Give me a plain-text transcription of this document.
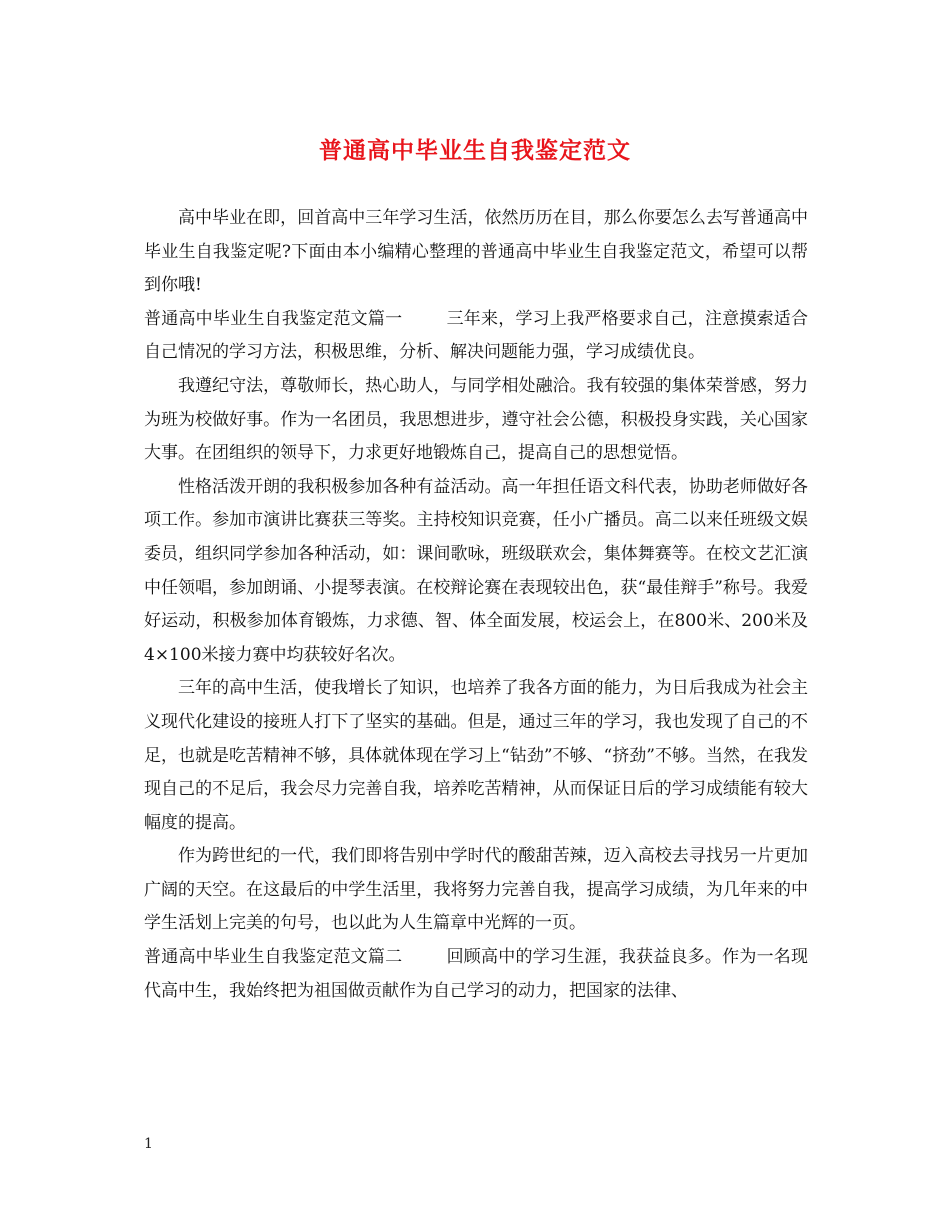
普通高中毕业生自我鉴定范文

高中毕业在即，回首高中三年学习生活，依然历历在目，那么你要怎么去写普通高中毕业生自我鉴定呢?下面由本小编精心整理的普通高中毕业生自我鉴定范文，希望可以帮到你哦!

普通高中毕业生自我鉴定范文篇一	三年来，学习上我严格要求自己，注意摸索适合自己情况的学习方法，积极思维，分析、解决问题能力强，学习成绩优良。

我遵纪守法，尊敬师长，热心助人，与同学相处融洽。我有较强的集体荣誉感，努力为班为校做好事。作为一名团员，我思想进步，遵守社会公德，积极投身实践，关心国家大事。在团组织的领导下，力求更好地锻炼自己，提高自己的思想觉悟。

性格活泼开朗的我积极参加各种有益活动。高一年担任语文科代表，协助老师做好各项工作。参加市演讲比赛获三等奖。主持校知识竞赛，任小广播员。高二以来任班级文娱委员，组织同学参加各种活动，如：课间歌咏，班级联欢会，集体舞赛等。在校文艺汇演中任领唱，参加朗诵、小提琴表演。在校辩论赛在表现较出色，获“最佳辩手”称号。我爱好运动，积极参加体育锻炼，力求德、智、体全面发展，校运会上，在800米、200米及4×100米接力赛中均获较好名次。

三年的高中生活，使我增长了知识，也培养了我各方面的能力，为日后我成为社会主义现代化建设的接班人打下了坚实的基础。但是，通过三年的学习，我也发现了自己的不足，也就是吃苦精神不够，具体就体现在学习上“钻劲”不够、“挤劲”不够。当然，在我发现自己的不足后，我会尽力完善自我，培养吃苦精神，从而保证日后的学习成绩能有较大幅度的提高。

作为跨世纪的一代，我们即将告别中学时代的酸甜苦辣，迈入高校去寻找另一片更加广阔的天空。在这最后的中学生活里，我将努力完善自我，提高学习成绩，为几年来的中学生活划上完美的句号，也以此为人生篇章中光辉的一页。

普通高中毕业生自我鉴定范文篇二	回顾高中的学习生涯，我获益良多。作为一名现代高中生，我始终把为祖国做贡献作为自己学习的动力，把国家的法律、

1
